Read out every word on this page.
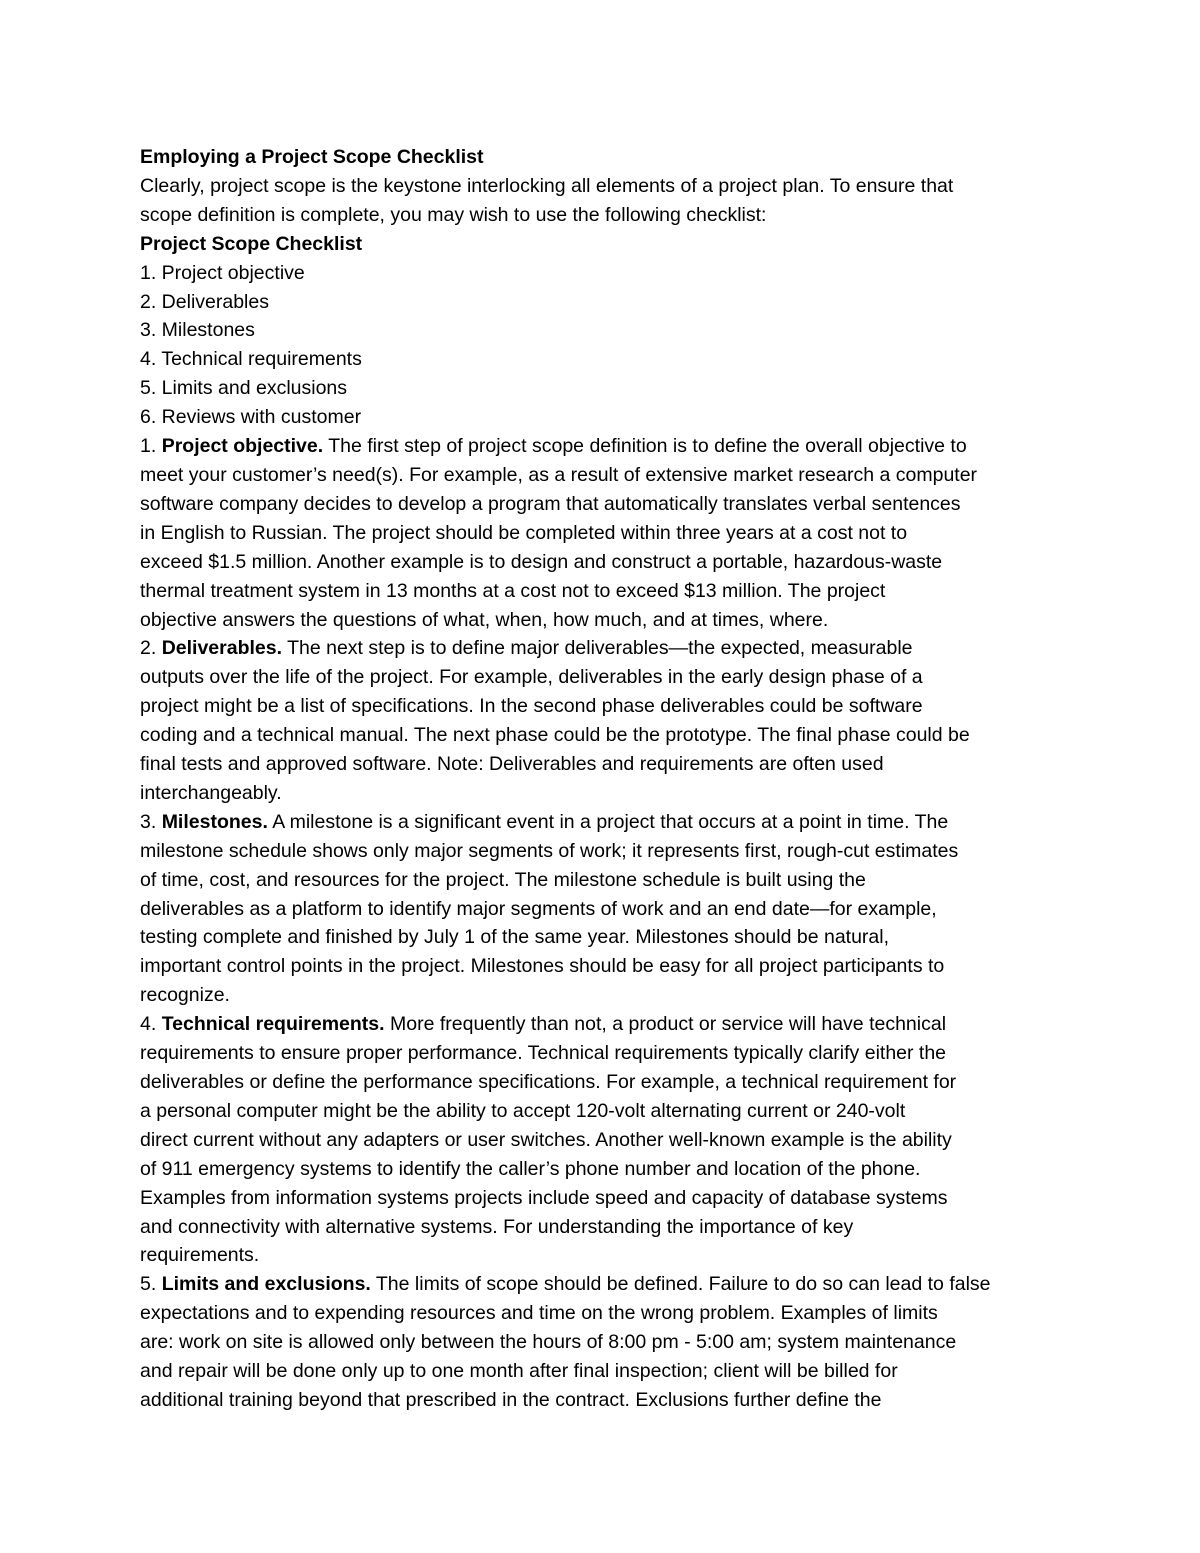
Employing a Project Scope Checklist
Clearly, project scope is the keystone interlocking all elements of a project plan. To ensure that
scope definition is complete, you may wish to use the following checklist:
Project Scope Checklist
1. Project objective
2. Deliverables
3. Milestones
4. Technical requirements
5. Limits and exclusions
6. Reviews with customer
1. Project objective. The first step of project scope definition is to define the overall objective to
meet your customer’s need(s). For example, as a result of extensive market research a computer
software company decides to develop a program that automatically translates verbal sentences
in English to Russian. The project should be completed within three years at a cost not to
exceed $1.5 million. Another example is to design and construct a portable, hazardous-waste
thermal treatment system in 13 months at a cost not to exceed $13 million. The project
objective answers the questions of what, when, how much, and at times, where.
2. Deliverables. The next step is to define major deliverables—the expected, measurable
outputs over the life of the project. For example, deliverables in the early design phase of a
project might be a list of specifications. In the second phase deliverables could be software
coding and a technical manual. The next phase could be the prototype. The final phase could be
final tests and approved software. Note: Deliverables and requirements are often used
interchangeably.
3. Milestones. A milestone is a significant event in a project that occurs at a point in time. The
milestone schedule shows only major segments of work; it represents first, rough-cut estimates
of time, cost, and resources for the project. The milestone schedule is built using the
deliverables as a platform to identify major segments of work and an end date—for example,
testing complete and finished by July 1 of the same year. Milestones should be natural,
important control points in the project. Milestones should be easy for all project participants to
recognize.
4. Technical requirements. More frequently than not, a product or service will have technical
requirements to ensure proper performance. Technical requirements typically clarify either the
deliverables or define the performance specifications. For example, a technical requirement for
a personal computer might be the ability to accept 120-volt alternating current or 240-volt
direct current without any adapters or user switches. Another well-known example is the ability
of 911 emergency systems to identify the caller’s phone number and location of the phone.
Examples from information systems projects include speed and capacity of database systems
and connectivity with alternative systems. For understanding the importance of key
requirements.
5. Limits and exclusions. The limits of scope should be defined. Failure to do so can lead to false
expectations and to expending resources and time on the wrong problem. Examples of limits
are: work on site is allowed only between the hours of 8:00 pm - 5:00 am; system maintenance
and repair will be done only up to one month after final inspection; client will be billed for
additional training beyond that prescribed in the contract. Exclusions further define the
